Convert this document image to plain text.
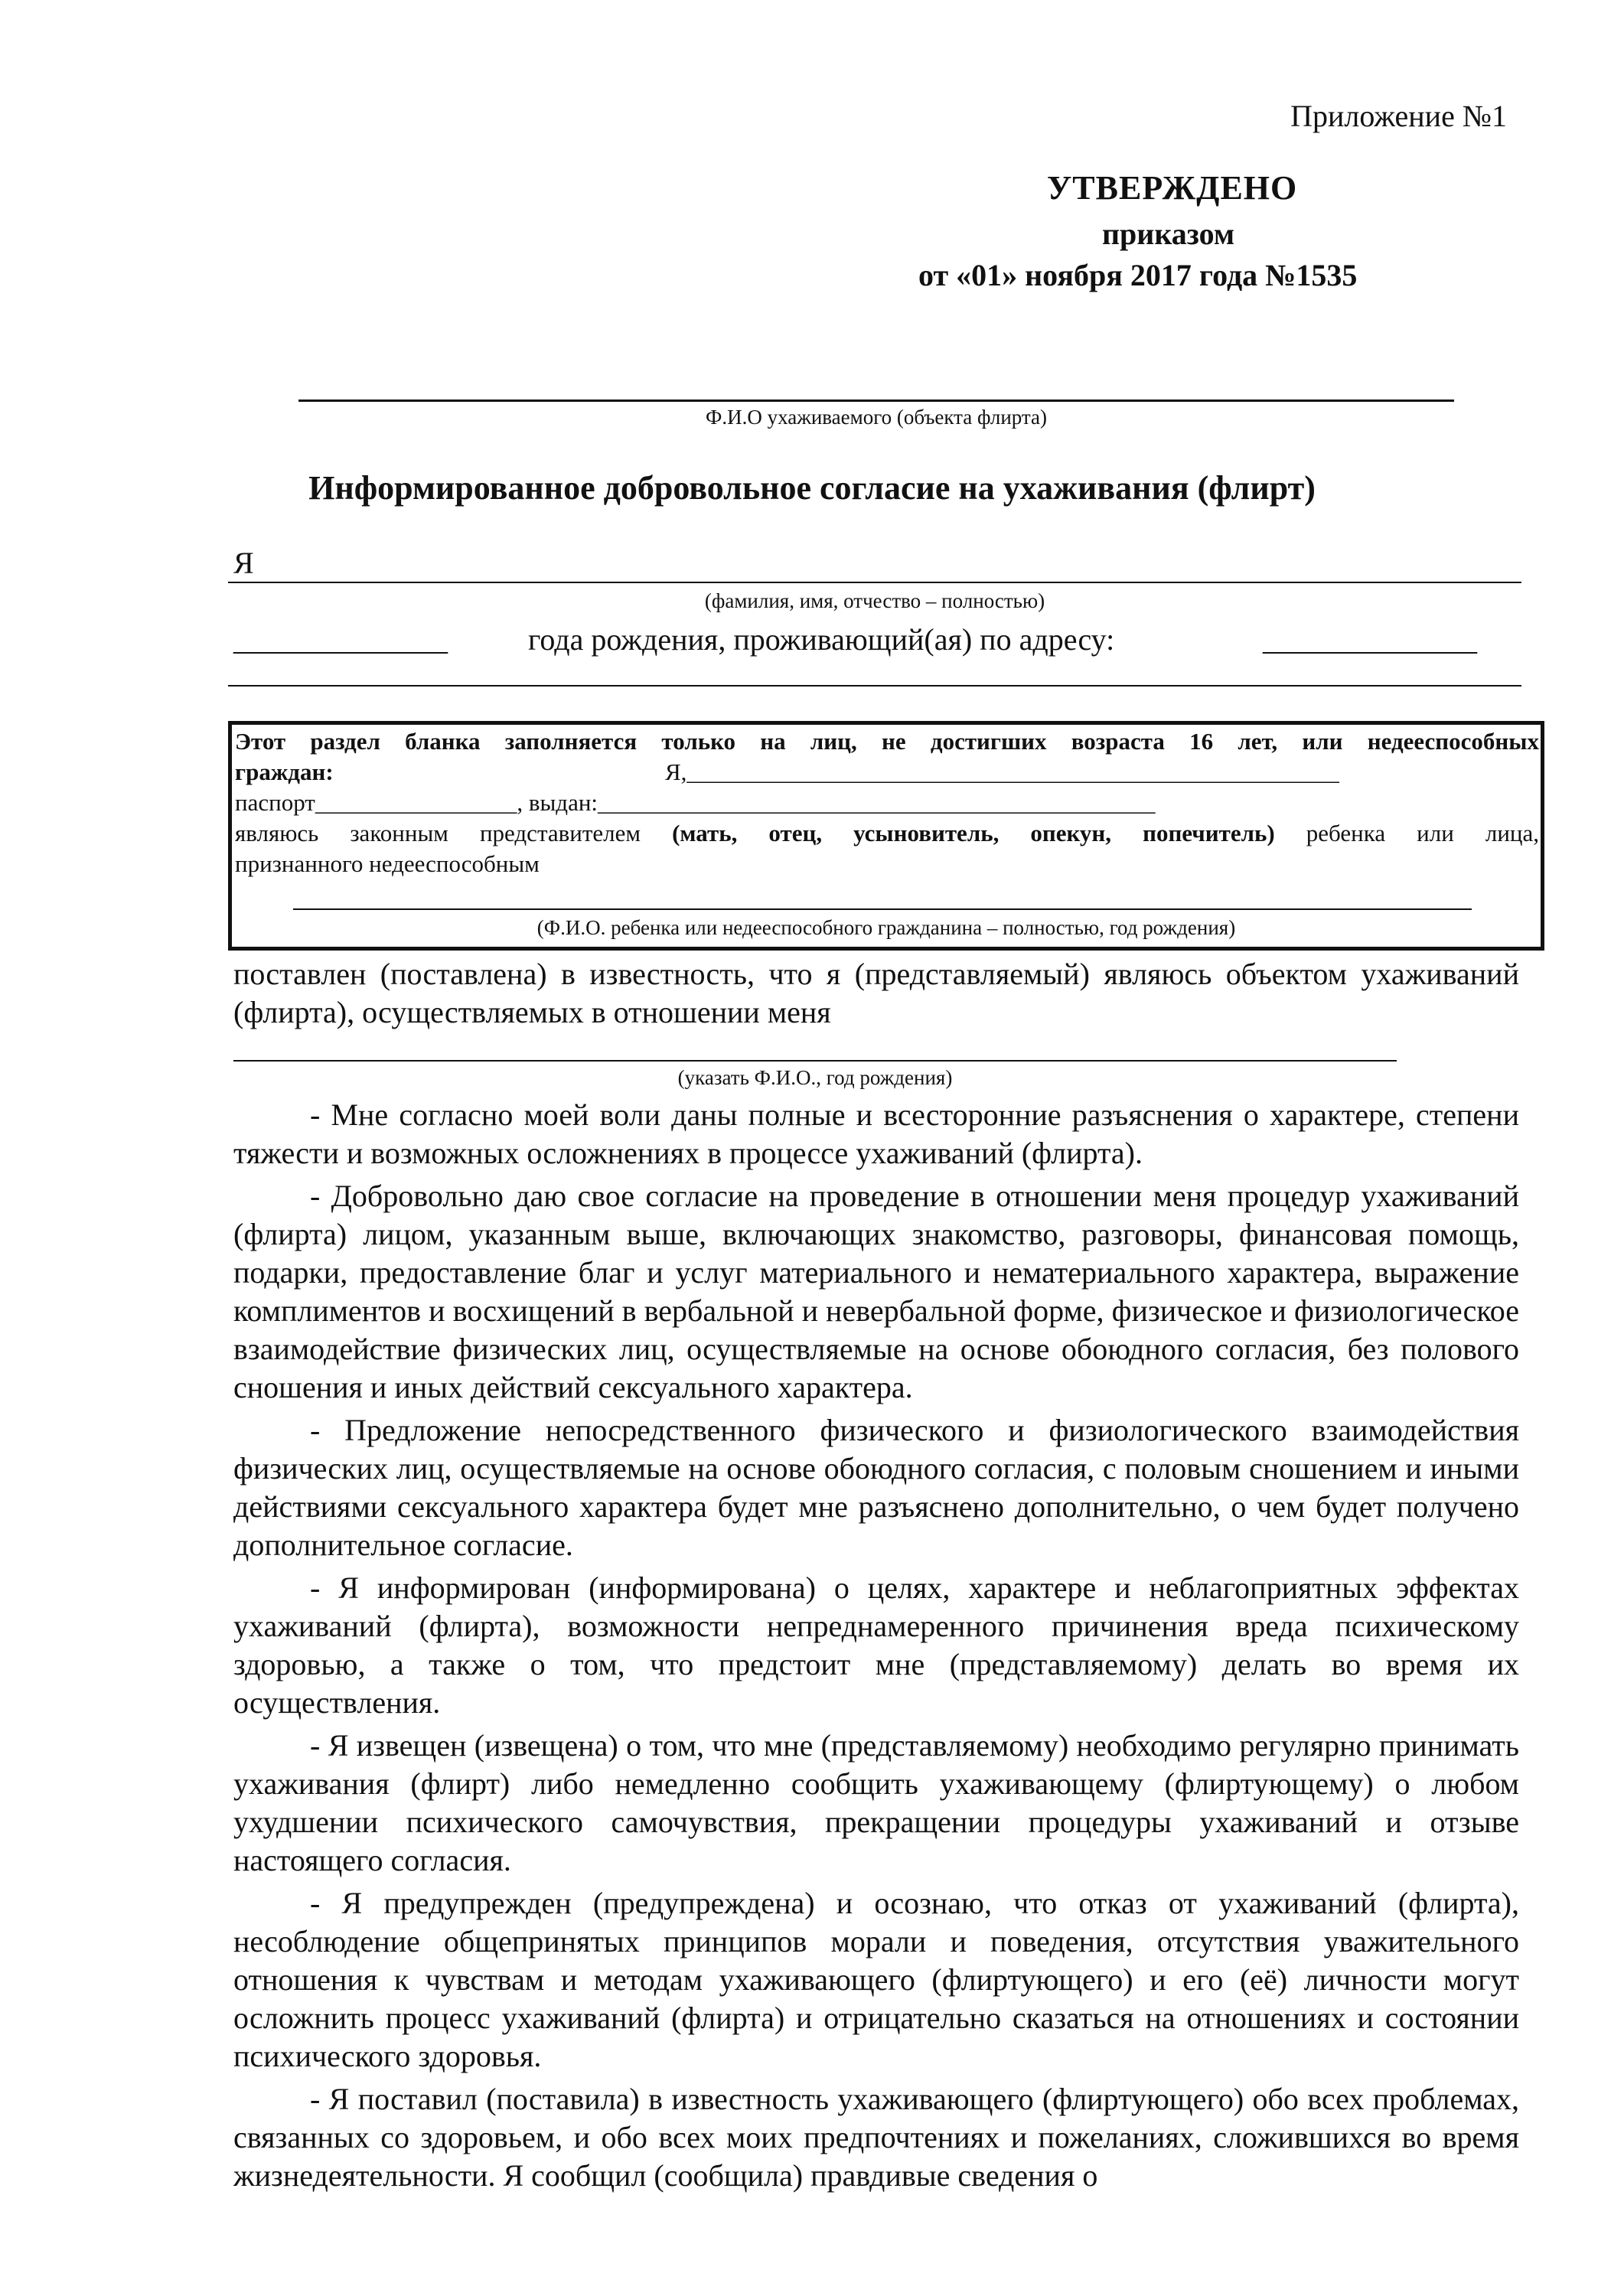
Приложение №1
УТВЕРЖДЕНО
приказом
от «01» ноября 2017 года №1535
Ф.И.О ухаживаемого (объекта флирта)
Информированное добровольное согласие на ухаживания (флирт)
Я
(фамилия, имя, отчество – полностью)
______________	года рождения, проживающий(ая) по адресу:	______________
Этот раздел бланка заполняется только на лиц, не достигших возраста 16 лет, или недееспособных
граждан:	Я,_______________________________________________________
паспорт_________________, выдан:_______________________________________________
являюсь законным представителем (мать, отец, усыновитель, опекун, попечитель) ребенка или лица,
признанного недееспособным
(Ф.И.О. ребенка или недееспособного гражданина – полностью, год рождения)

поставлен (поставлена) в известность, что я (представляемый) являюсь объектом ухаживаний (флирта), осуществляемых в отношении меня

(указать Ф.И.О., год рождения)

- Мне согласно моей воли даны полные и всесторонние разъяснения о характере, степени тяжести и возможных осложнениях в процессе ухаживаний (флирта).

- Добровольно даю свое согласие на проведение в отношении меня процедур ухаживаний (флирта) лицом, указанным выше, включающих знакомство, разговоры, финансовая помощь, подарки, предоставление благ и услуг материального и нематериального характера, выражение комплиментов и восхищений в вербальной и невербальной форме, физическое и физиологическое взаимодействие физических лиц, осуществляемые на основе обоюдного согласия, без полового сношения и иных действий сексуального характера.

- Предложение непосредственного физического и физиологического взаимодействия физических лиц, осуществляемые на основе обоюдного согласия, с половым сношением и иными действиями сексуального характера будет мне разъяснено дополнительно, о чем будет получено дополнительное согласие.

- Я информирован (информирована) о целях, характере и неблагоприятных эффектах ухаживаний (флирта), возможности непреднамеренного причинения вреда психическому здоровью, а также о том, что предстоит мне (представляемому) делать во время их осуществления.

- Я извещен (извещена) о том, что мне (представляемому) необходимо регулярно принимать ухаживания (флирт) либо немедленно сообщить ухаживающему (флиртующему) о любом ухудшении психического самочувствия, прекращении процедуры ухаживаний и отзыве настоящего согласия.

- Я предупрежден (предупреждена) и осознаю, что отказ от ухаживаний (флирта), несоблюдение общепринятых принципов морали и поведения, отсутствия уважительного отношения к чувствам и методам ухаживающего (флиртующего) и его (её) личности могут осложнить процесс ухаживаний (флирта) и отрицательно сказаться на отношениях и состоянии психического здоровья.

- Я поставил (поставила) в известность ухаживающего (флиртующего) обо всех проблемах, связанных со здоровьем, и обо всех моих предпочтениях и пожеланиях, сложившихся во время жизнедеятельности. Я сообщил (сообщила) правдивые сведения о
